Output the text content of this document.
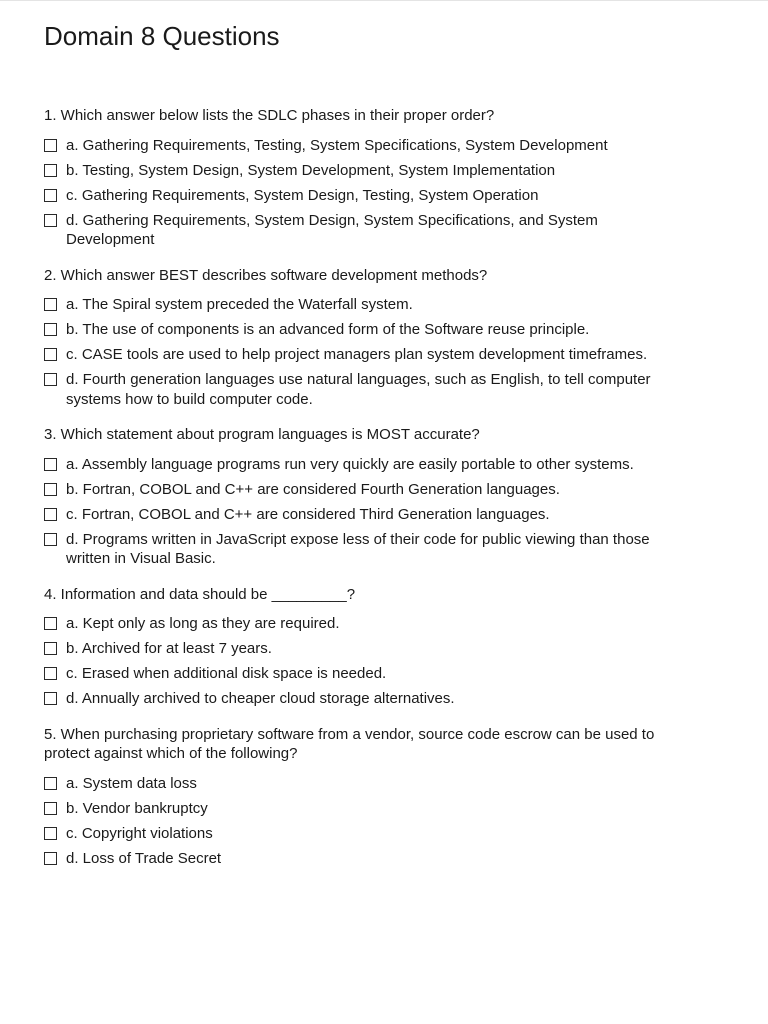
Domain 8 Questions
1. Which answer below lists the SDLC phases in their proper order?
a. Gathering Requirements, Testing, System Specifications, System Development
b. Testing, System Design, System Development, System Implementation
c. Gathering Requirements, System Design, Testing, System Operation
d. Gathering Requirements, System Design, System Specifications, and System Development
2. Which answer BEST describes software development methods?
a. The Spiral system preceded the Waterfall system.
b. The use of components is an advanced form of the Software reuse principle.
c. CASE tools are used to help project managers plan system development timeframes.
d. Fourth generation languages use natural languages, such as English, to tell computer systems how to build computer code.
3. Which statement about program languages is MOST accurate?
a. Assembly language programs run very quickly are easily portable to other systems.
b. Fortran, COBOL and C++ are considered Fourth Generation languages.
c. Fortran, COBOL and C++ are considered Third Generation languages.
d. Programs written in JavaScript expose less of their code for public viewing than those written in Visual Basic.
4. Information and data should be _________?
a. Kept only as long as they are required.
b. Archived for at least 7 years.
c. Erased when additional disk space is needed.
d. Annually archived to cheaper cloud storage alternatives.
5. When purchasing proprietary software from a vendor, source code escrow can be used to protect against which of the following?
a. System data loss
b. Vendor bankruptcy
c. Copyright violations
d. Loss of Trade Secret
